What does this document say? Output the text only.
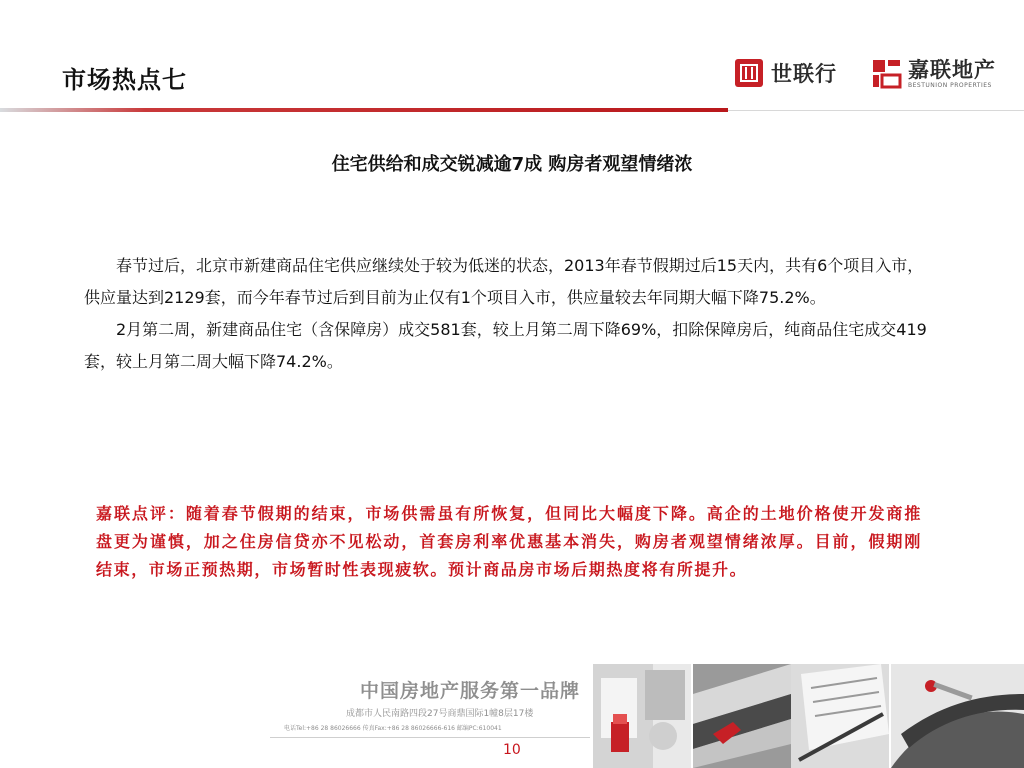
市场热点七	世联行	嘉联地产
BESTUNION PROPERTIES
住宅供给和成交锐减逾7成 购房者观望情绪浓

春节过后，北京市新建商品住宅供应继续处于较为低迷的状态，2013年春节假期过后15天内，共有6个项目入市，供应量达到2129套，而今年春节过后到目前为止仅有1个项目入市，供应量较去年同期大幅下降75.2%。

2月第二周，新建商品住宅（含保障房）成交581套，较上月第二周下降69%，扣除保障房后，纯商品住宅成交419套，较上月第二周大幅下降74.2%。

嘉联点评：随着春节假期的结束，市场供需虽有所恢复，但同比大幅度下降。高企的土地价格使开发商推盘更为谨慎，加之住房信贷亦不见松动，首套房利率优惠基本消失，购房者观望情绪浓厚。目前，假期刚结束，市场正预热期，市场暂时性表现疲软。预计商品房市场后期热度将有所提升。
中国房地产服务第一品牌
成都市人民南路四段27号商鼎国际1幢8层17楼
电话Tel:+86 28 86026666 传真Fax:+86 28 86026666-616 邮编PC:610041
10
